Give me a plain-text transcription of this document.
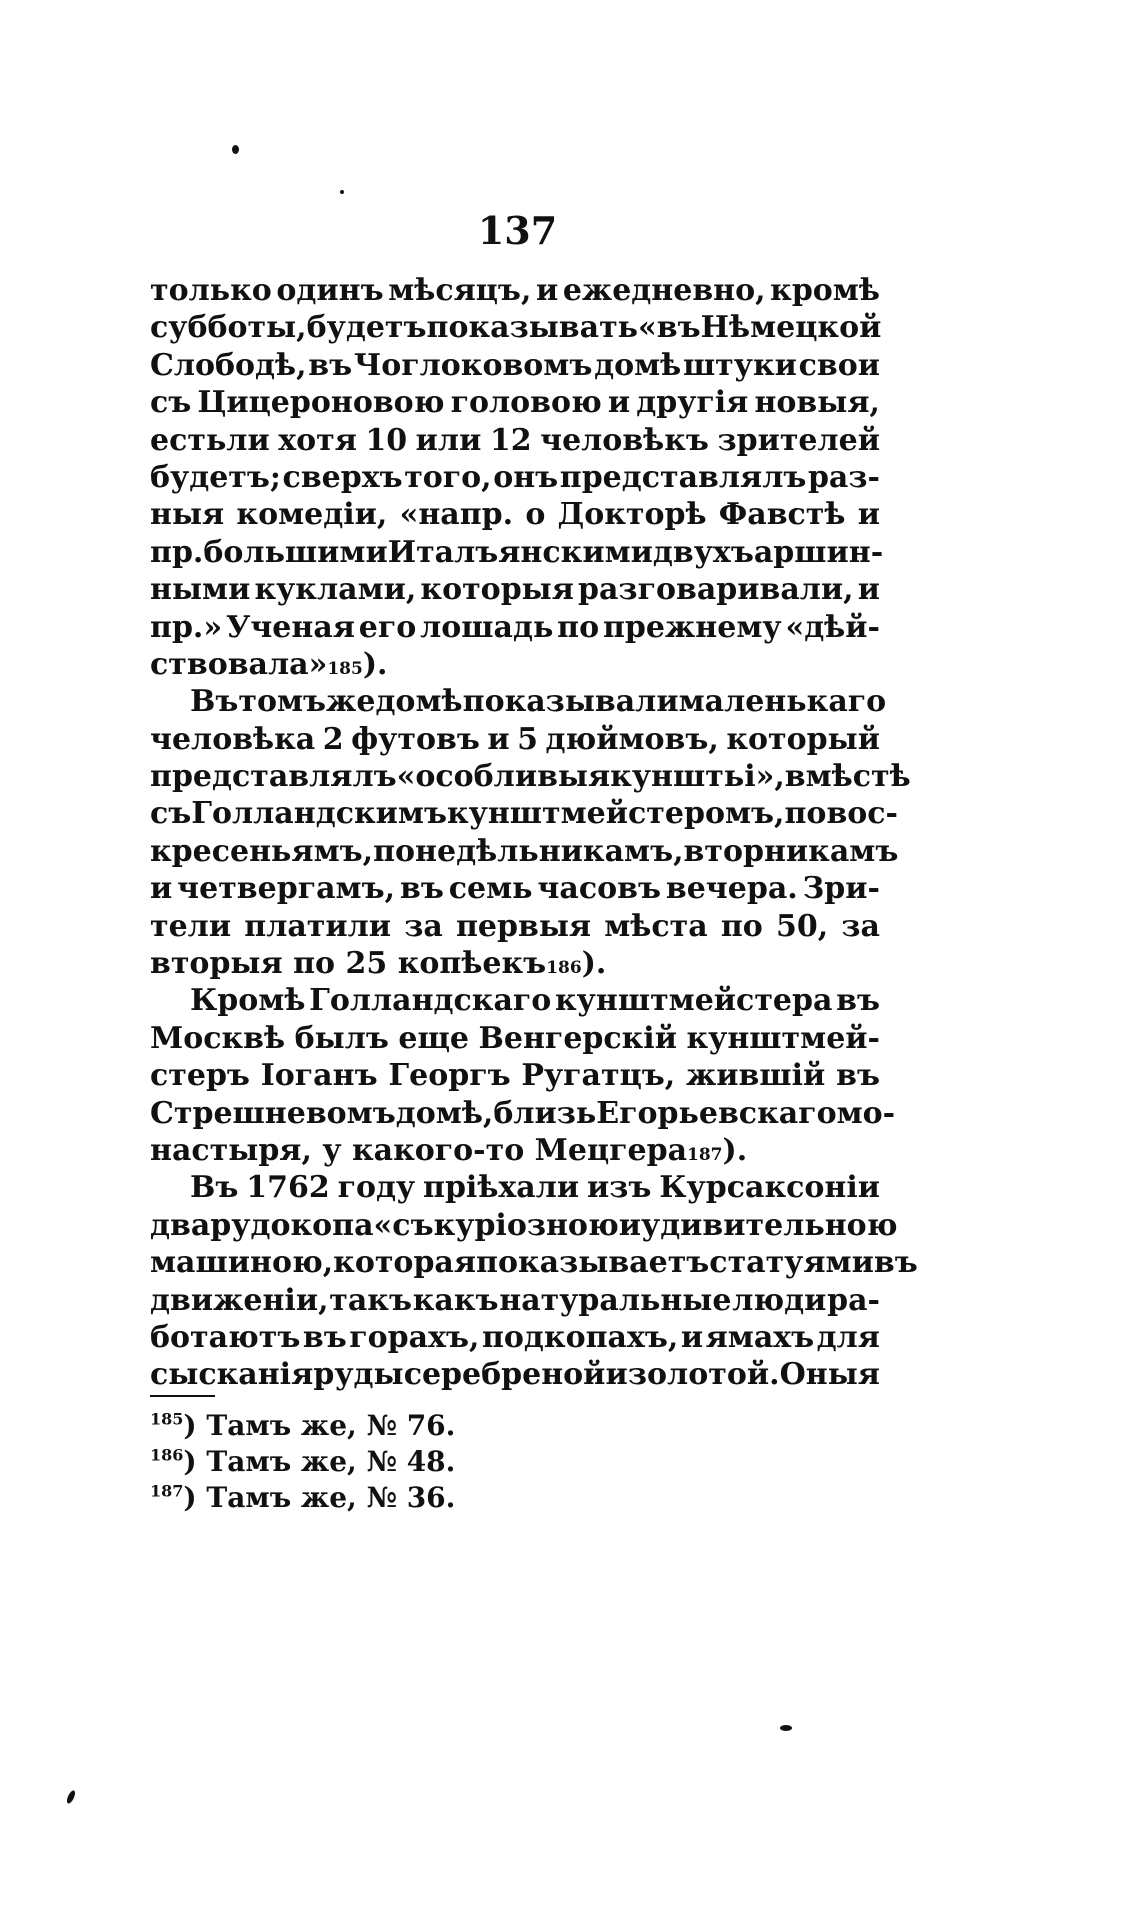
137
только одинъ мѣсяцъ, и ежедневно, кромѣ
субботы, будетъ показывать «въ Нѣмецкой
Слободѣ, въ Чоглоковомъ домѣ штуки свои
съ Цицероновою головою и другія новыя,
естьли хотя 10 или 12 человѣкъ зрителей
будетъ; сверхъ того, онъ представлялъ раз-
ныя комедіи, «напр. о Докторѣ Фавстѣ и
пр. большими Италъянскими двухъ аршин-
ными куклами, которыя разговаривали, и
пр.» Ученая его лошадь по прежнему «дѣй-
ствовала» 185 ).
Въ томъ же домѣ показывали маленькаго
человѣка 2 футовъ и 5 дюймовъ, который
представлялъ «особливыя кунштьі», вмѣстѣ
съ Голландскимъ кунштмейстеромъ, по вос-
кресеньямъ, понедѣльникамъ, вторникамъ
и четвергамъ, въ семь часовъ вечера. Зри-
тели платили за первыя мѣста по 50, за
вторыя по 25 копѣекъ 186 ).
Кромѣ Голландскаго кунштмейстера въ
Москвѣ былъ еще Венгерскій кунштмей-
стеръ Іоганъ Георгъ Ругатцъ, жившій въ
Стрешневомъ домѣ, близь Егорьевскаго мо-
настыря, у какого-то Мецгера 187 ).
Въ 1762 году пріѣхали изъ Курсаксоніи
два рудокопа «съ куріозною и удивительною
машиною, которая показываетъ статуями въ
движеніи, такъ какъ натуральные люди ра-
ботаютъ въ горахъ, подкопахъ, и ямахъ для
сысканія руды серебреной и золотой. Оныя
$^{185}$) Тамъ же, № 76.
$^{186}$) Тамъ же, № 48.
$^{187}$) Тамъ же, № 36.
